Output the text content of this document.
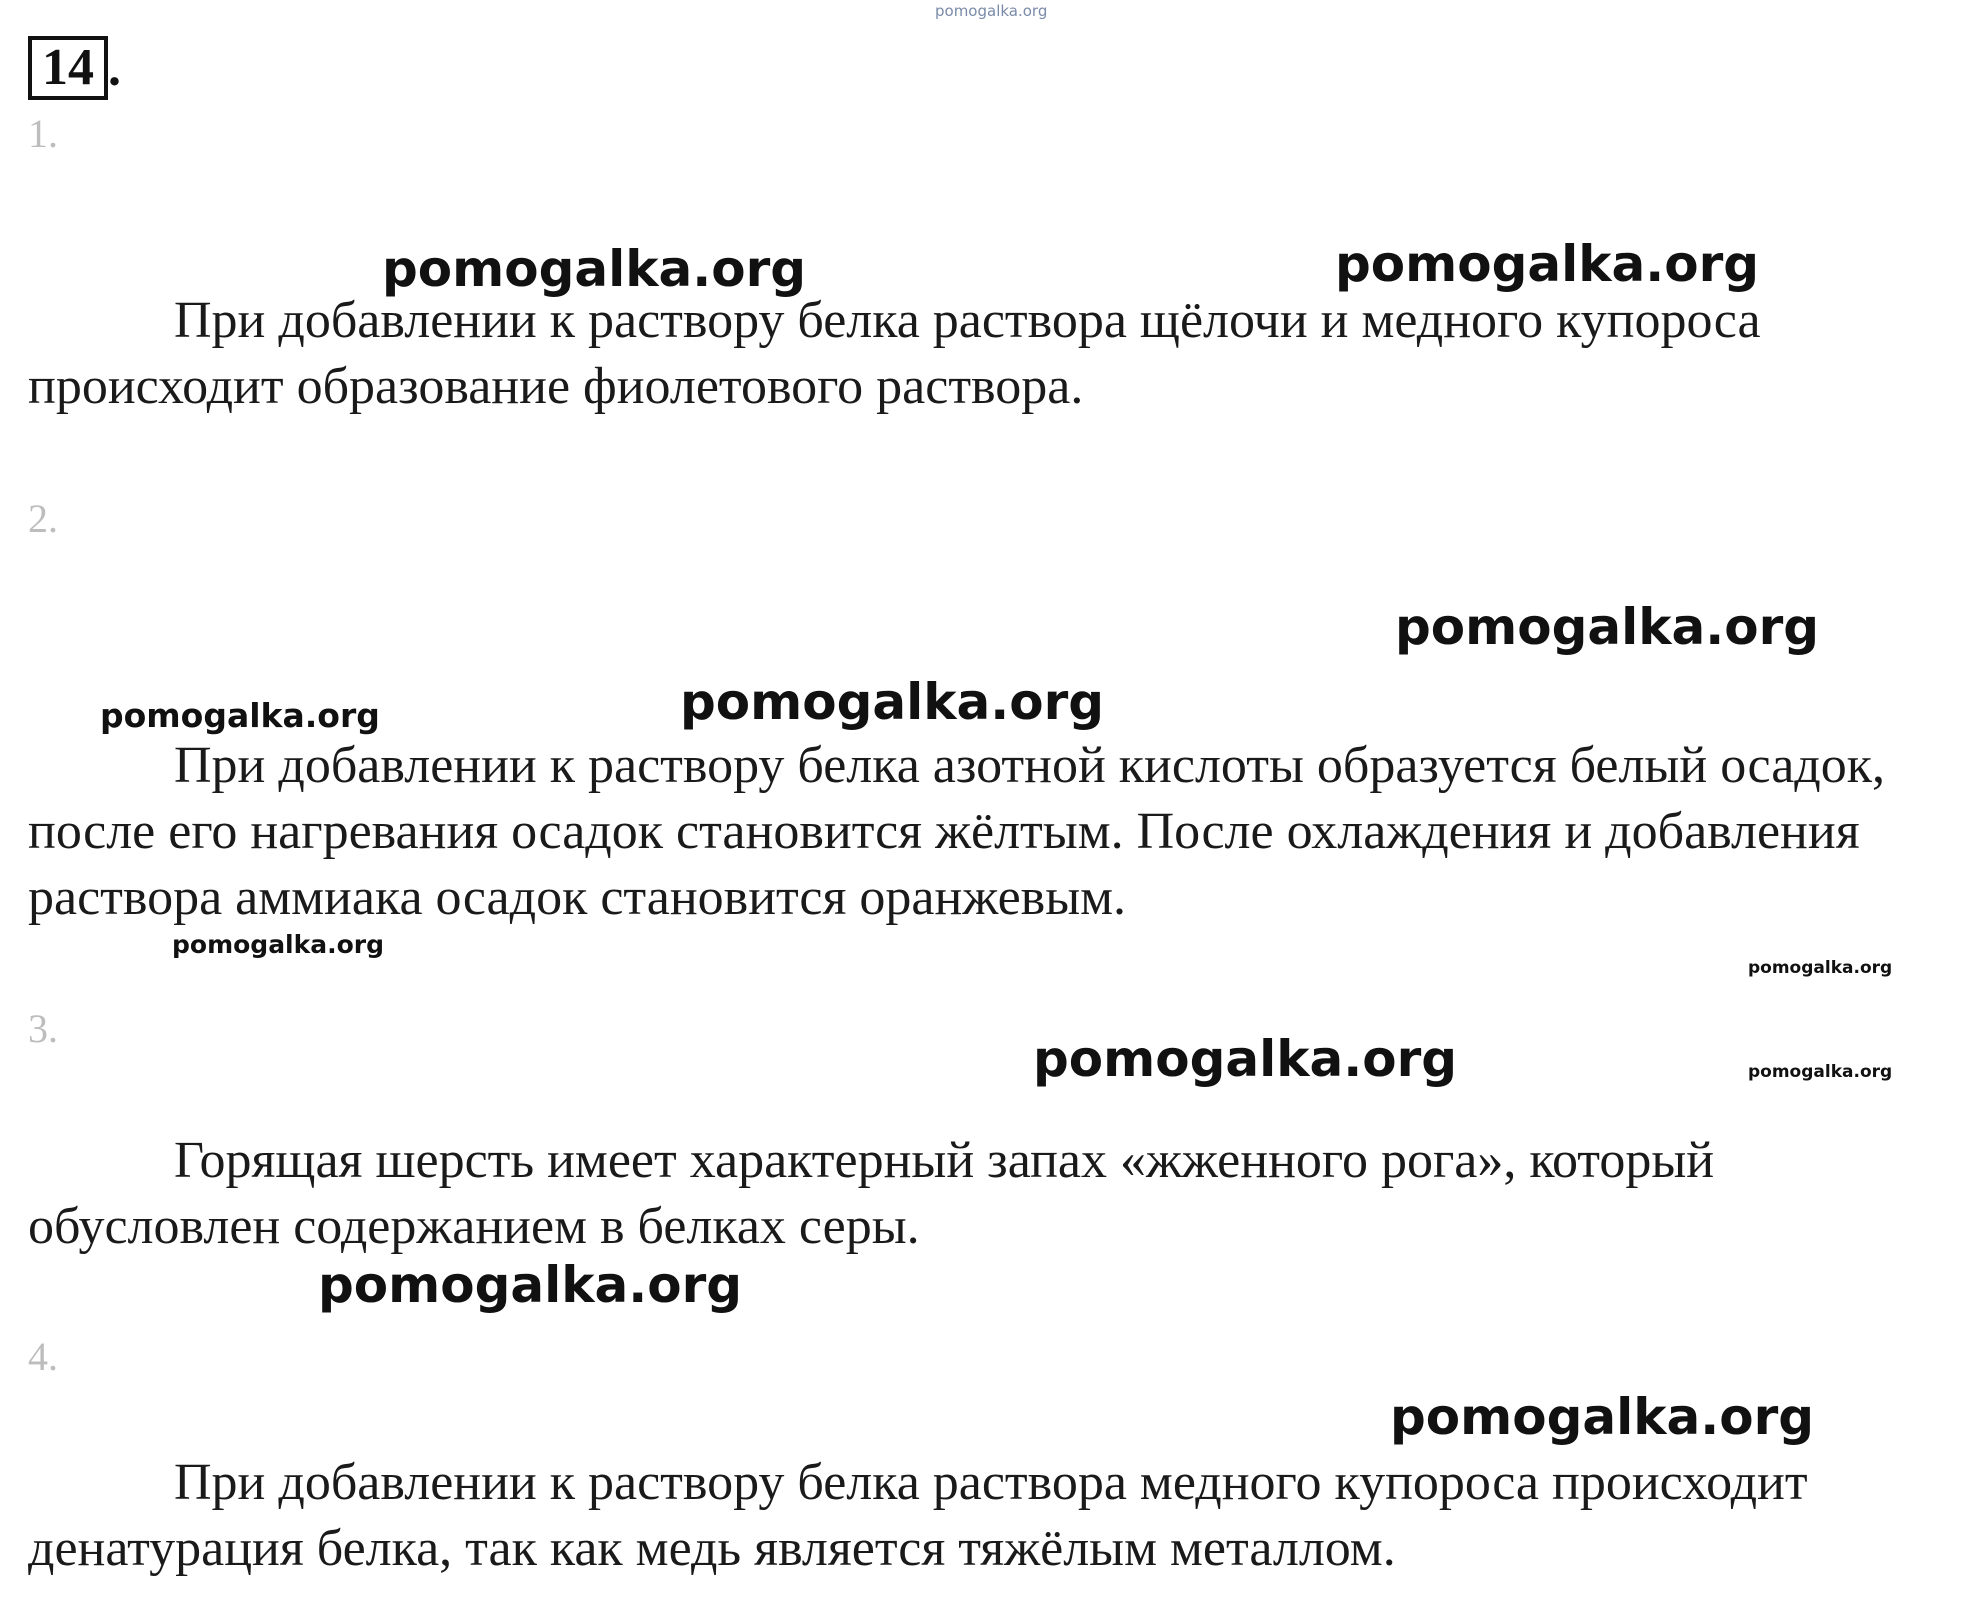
pomogalka.org
14 .
1.
pomogalka.org	pomogalka.org

При добавлении к раствору белка раствора щёлочи и медного купороса происходит образование фиолетового раствора.

2.
pomogalka.org
pomogalka.org	pomogalka.org

При добавлении к раствору белка азотной кислоты образуется белый осадок, после его нагревания осадок становится жёлтым. После охлаждения и добавления раствора аммиака осадок становится оранжевым.

pomogalka.org
pomogalka.org
3.
pomogalka.org	pomogalka.org

Горящая шерсть имеет характерный запах «жженного рога», который обусловлен содержанием в белках серы.

pomogalka.org
4.
pomogalka.org

При добавлении к раствору белка раствора медного купороса происходит денатурация белка, так как медь является тяжёлым металлом.
